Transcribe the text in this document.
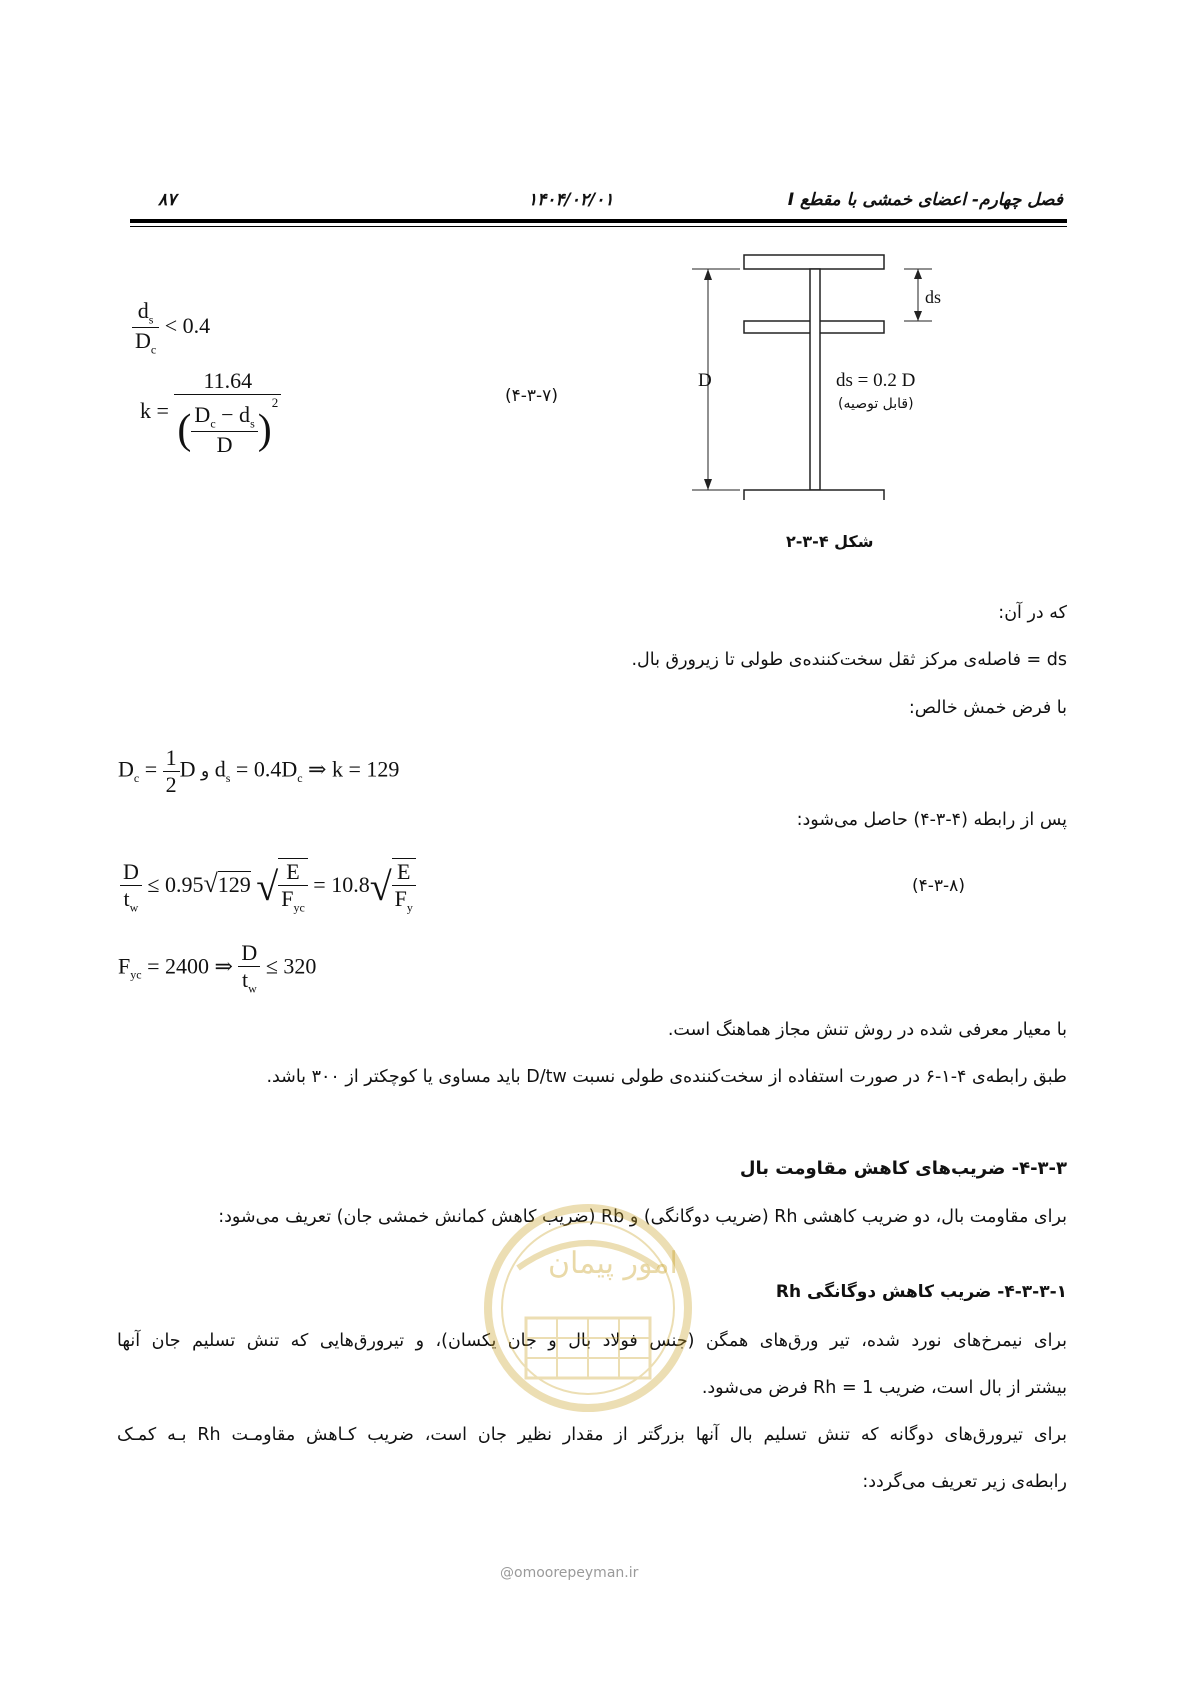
۸۷	۱۴۰۴/۰۲/۰۱	فصل چهارم- اعضای خمشی با مقطع I
$\frac{d_s}{D_c} < 0.4$
$k = \frac{11.64}{( \frac{D_c - d_s}{D} )^2}$	(۴-۳-۷)
D
ds
ds = 0.2 D
(قابل توصیه)
شکل ۴-۳-۲
که در آن:
ds = فاصله‌ی مرکز ثقل سخت‌کننده‌ی طولی تا زیرورق بال.
با فرض خمش خالص:
$D_c = \frac{1}{2}$ D و $d_s = 0.4D_c$ ⇒ k = 129
پس از رابطه (۴-۳-۴) حاصل می‌شود:
$\frac{D}{t_w} \le 0.95√129$ √ $\frac{E}{F_{yc}} = 10.8√ \frac{E}{F_y}$	(۴-۳-۸)
$F_{yc} = 2400$ ⇒ $\frac{D}{t_w} \le 320$
با معیار معرفی شده در روش تنش مجاز هماهنگ است.
طبق رابطه‌ی ۴-۱-۶ در صورت استفاده از سخت‌کننده‌ی طولی نسبت D/tw باید مساوی یا کوچکتر از ۳۰۰ باشد.
۴-۳-۳- ضریب‌های کاهش مقاومت بال
برای مقاومت بال، دو ضریب کاهشی Rh (ضریب دوگانگی) و Rb (ضریب کاهش کمانش خمشی جان) تعریف می‌شود:
۴-۳-۳-۱- ضریب کاهش دوگانگی Rh
برای نیمرخ‌های نورد شده، تیر ورق‌های همگن (جنس فولاد بال و جان یکسان)، و تیرورق‌هایی که تنش تسلیم جان آنها
بیشتر از بال است، ضریب Rh = 1 فرض می‌شود.
برای تیرورق‌های دوگانه که تنش تسلیم بال آنها بزرگتر از مقدار نظیر جان است، ضریب کـاهش مقاومـت Rh بـه کمـک
رابطه‌ی زیر تعریف می‌گردد:
امور پیمان
@omoorepeyman.ir
